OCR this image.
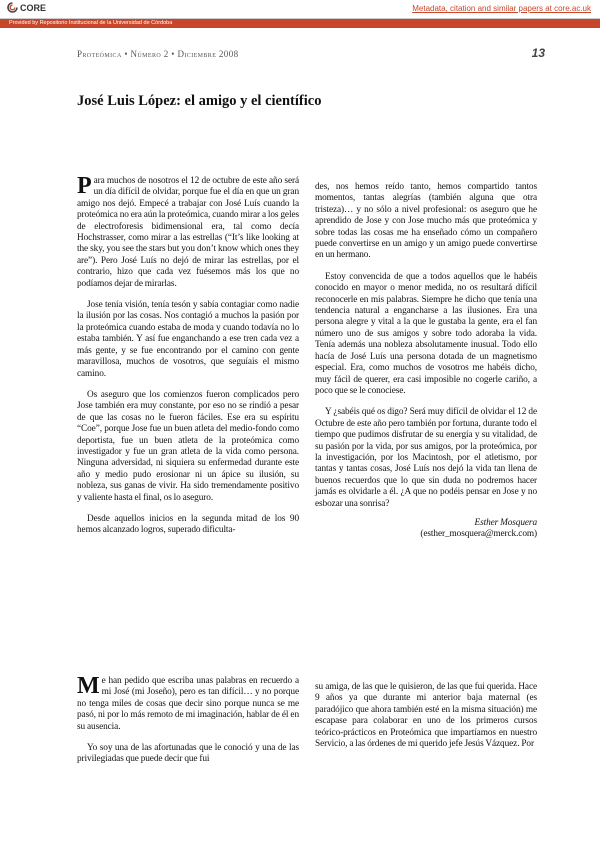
CORE	Metadata, citation and similar papers at core.ac.uk
Provided by Repositorio Institucional de la Universidad de Córdoba
Proteómica • Número 2 • Diciembre 2008	13
José Luis López: el amigo y el científico

Para muchos de nosotros el 12 de octubre de este año será un día difícil de olvidar, porque fue el día en que un gran amigo nos dejó. Empecé a trabajar con José Luís cuando la proteómica no era aún la proteómica, cuando mirar a los geles de electroforesis bidimensional era, tal como decía Hochstrasser, como mirar a las estrellas (“It’s like looking at the sky, you see the stars but you don’t know which ones they are”). Pero José Luís no dejó de mirar las estrellas, por el contrario, hizo que cada vez fuésemos más los que no podíamos dejar de mirarlas.

Jose tenía visión, tenía tesón y sabía contagiar como nadie la ilusión por las cosas. Nos contagió a muchos la pasión por la proteómica cuando estaba de moda y cuando todavía no lo estaba también. Y así fue enganchando a ese tren cada vez a más gente, y se fue encontrando por el camino con gente maravillosa, muchos de vosotros, que seguíais el mismo camino.

Os aseguro que los comienzos fueron complicados pero Jose también era muy constante, por eso no se rindió a pesar de que las cosas no le fueron fáciles. Ese era su espíritu “Coe”, porque Jose fue un buen atleta del medio-fondo como deportista, fue un buen atleta de la proteómica como investigador y fue un gran atleta de la vida como persona. Ninguna adversidad, ni siquiera su enfermedad durante este año y medio pudo erosionar ni un ápice su ilusión, su nobleza, sus ganas de vivir. Ha sido tremendamente positivo y valiente hasta el final, os lo aseguro.

Desde aquellos inicios en la segunda mitad de los 90 hemos alcanzado logros, superado dificulta-

des, nos hemos reído tanto, hemos compartido tantos momentos, tantas alegrías (también alguna que otra tristeza)… y no sólo a nivel profesional: os aseguro que he aprendido de Jose y con Jose mucho más que proteómica y sobre todas las cosas me ha enseñado cómo un compañero puede convertirse en un amigo y un amigo puede convertirse en un hermano.

Estoy convencida de que a todos aquellos que le habéis conocido en mayor o menor medida, no os resultará difícil reconocerle en mis palabras. Siempre he dicho que tenía una tendencia natural a engancharse a las ilusiones. Era una persona alegre y vital a la que le gustaba la gente, era el fan número uno de sus amigos y sobre todo adoraba la vida. Tenía además una nobleza absolutamente inusual. Todo ello hacía de José Luís una persona dotada de un magnetismo especial. Era, como muchos de vosotros me habéis dicho, muy fácil de querer, era casi imposible no cogerle cariño, a poco que se le conociese.

Y ¿sabéis qué os digo? Será muy difícil de olvidar el 12 de Octubre de este año pero también por fortuna, durante todo el tiempo que pudimos disfrutar de su energía y su vitalidad, de su pasión por la vida, por sus amigos, por la proteómica, por la investigación, por los Macintosh, por el atletismo, por tantas y tantas cosas, José Luís nos dejó la vida tan llena de buenos recuerdos que lo que sin duda no podremos hacer jamás es olvidarle a él. ¿A que no podéis pensar en Jose y no esbozar una sonrisa?

Esther Mosquera
(esther_mosquera@merck.com)

Me han pedido que escriba unas palabras en recuerdo a mi José (mi Joseño), pero es tan difícil… y no porque no tenga miles de cosas que decir sino porque nunca se me pasó, ni por lo más remoto de mi imaginación, hablar de él en su ausencia.

Yo soy una de las afortunadas que le conoció y una de las privilegiadas que puede decir que fui

su amiga, de las que le quisieron, de las que fui querida. Hace 9 años ya que durante mi anterior baja maternal (es paradójico que ahora también esté en la misma situación) me escapase para colaborar en uno de los primeros cursos teórico-prácticos en Proteómica que impartíamos en nuestro Servicio, a las órdenes de mi querido jefe Jesús Vázquez. Por
